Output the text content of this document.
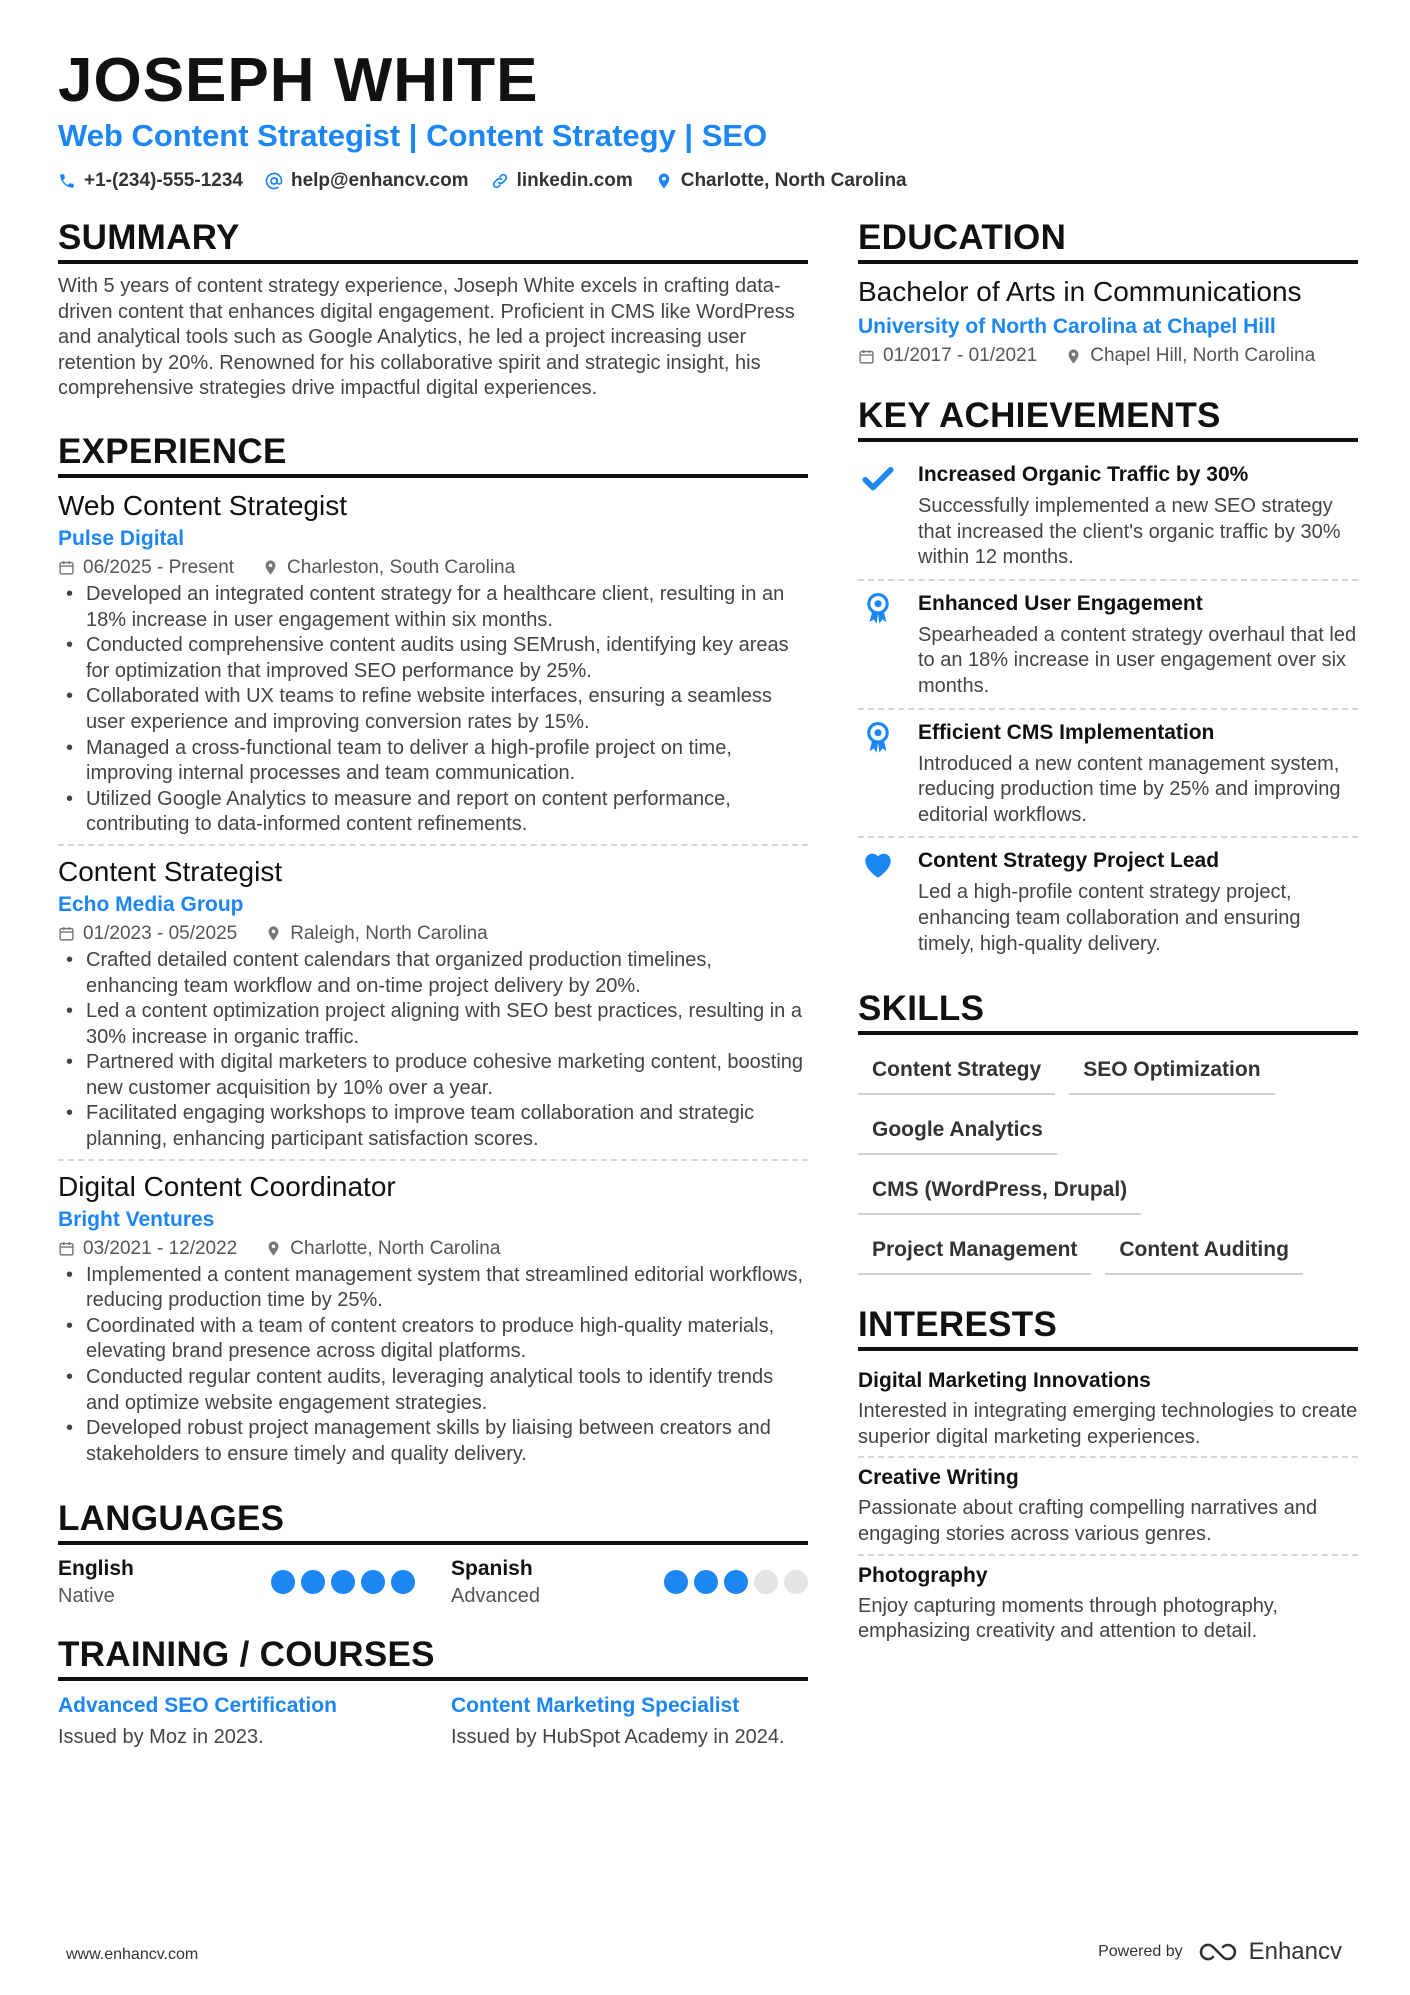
JOSEPH WHITE
Web Content Strategist | Content Strategy | SEO
+1-(234)-555-1234	help@enhancv.com	linkedin.com	Charlotte, North Carolina
SUMMARY
With 5 years of content strategy experience, Joseph White excels in crafting data-driven content that enhances digital engagement. Proficient in CMS like WordPress and analytical tools such as Google Analytics, he led a project increasing user retention by 20%. Renowned for his collaborative spirit and strategic insight, his comprehensive strategies drive impactful digital experiences.
EXPERIENCE
Web Content Strategist
Pulse Digital
06/2025 - Present	Charleston, South Carolina
• Developed an integrated content strategy for a healthcare client, resulting in an 18% increase in user engagement within six months.
• Conducted comprehensive content audits using SEMrush, identifying key areas for optimization that improved SEO performance by 25%.
• Collaborated with UX teams to refine website interfaces, ensuring a seamless user experience and improving conversion rates by 15%.
• Managed a cross-functional team to deliver a high-profile project on time, improving internal processes and team communication.
• Utilized Google Analytics to measure and report on content performance, contributing to data-informed content refinements.
Content Strategist
Echo Media Group
01/2023 - 05/2025	Raleigh, North Carolina
• Crafted detailed content calendars that organized production timelines, enhancing team workflow and on-time project delivery by 20%.
• Led a content optimization project aligning with SEO best practices, resulting in a 30% increase in organic traffic.
• Partnered with digital marketers to produce cohesive marketing content, boosting new customer acquisition by 10% over a year.
• Facilitated engaging workshops to improve team collaboration and strategic planning, enhancing participant satisfaction scores.
Digital Content Coordinator
Bright Ventures
03/2021 - 12/2022	Charlotte, North Carolina
• Implemented a content management system that streamlined editorial workflows, reducing production time by 25%.
• Coordinated with a team of content creators to produce high-quality materials, elevating brand presence across digital platforms.
• Conducted regular content audits, leveraging analytical tools to identify trends and optimize website engagement strategies.
• Developed robust project management skills by liaising between creators and stakeholders to ensure timely and quality delivery.
LANGUAGES
English
Native
Spanish
Advanced
TRAINING / COURSES
Advanced SEO Certification
Issued by Moz in 2023.
Content Marketing Specialist
Issued by HubSpot Academy in 2024.
EDUCATION
Bachelor of Arts in Communications
University of North Carolina at Chapel Hill
01/2017 - 01/2021	Chapel Hill, North Carolina
KEY ACHIEVEMENTS
Increased Organic Traffic by 30%
Successfully implemented a new SEO strategy that increased the client's organic traffic by 30% within 12 months.
Enhanced User Engagement
Spearheaded a content strategy overhaul that led to an 18% increase in user engagement over six months.
Efficient CMS Implementation
Introduced a new content management system, reducing production time by 25% and improving editorial workflows.
Content Strategy Project Lead
Led a high-profile content strategy project, enhancing team collaboration and ensuring timely, high-quality delivery.
SKILLS
Content Strategy	SEO Optimization
Google Analytics
CMS (WordPress, Drupal)
Project Management	Content Auditing
INTERESTS
Digital Marketing Innovations
Interested in integrating emerging technologies to create superior digital marketing experiences.
Creative Writing
Passionate about crafting compelling narratives and engaging stories across various genres.
Photography
Enjoy capturing moments through photography, emphasizing creativity and attention to detail.
www.enhancv.com	Powered by	Enhancv
